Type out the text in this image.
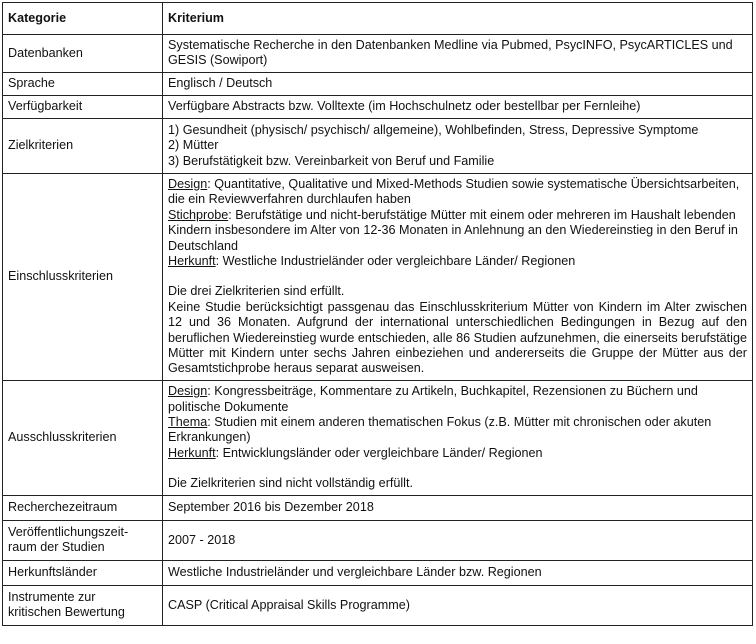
Kategorie	Kriterium
Datenbanken	Systematische Recherche in den Datenbanken Medline via Pubmed, PsycINFO, PsycARTICLES und GESIS (Sowiport)
Sprache	Englisch / Deutsch
Verfügbarkeit	Verfügbare Abstracts bzw. Volltexte (im Hochschulnetz oder bestellbar per Fernleihe)
Zielkriterien	1) Gesundheit (physisch/ psychisch/ allgemeine), Wohlbefinden, Stress, Depressive Symptome
2) Mütter
3) Berufstätigkeit bzw. Vereinbarkeit von Beruf und Familie

Einschlusskriterien	Design: Quantitative, Qualitative und Mixed-Methods Studien sowie systematische Übersichtsarbeiten, die ein Reviewverfahren durchlaufen haben
Stichprobe: Berufstätige und nicht-berufstätige Mütter mit einem oder mehreren im Haushalt lebenden Kindern insbesondere im Alter von 12-36 Monaten in Anlehnung an den Wiedereinstieg in den Beruf in Deutschland
Herkunft: Westliche Industrieländer oder vergleichbare Länder/ Regionen
Die drei Zielkriterien sind erfüllt.
Keine Studie berücksichtigt passgenau das Einschlusskriterium Mütter von Kindern im Alter zwischen 12 und 36 Monaten. Aufgrund der international unterschiedlichen Bedingungen in Bezug auf den beruflichen Wiedereinstieg wurde entschieden, alle 86 Studien aufzunehmen, die einerseits berufstätige Mütter mit Kindern unter sechs Jahren einbeziehen und andererseits die Gruppe der Mütter aus der Gesamtstichprobe heraus separat ausweisen.

Ausschlusskriterien	Design: Kongressbeiträge, Kommentare zu Artikeln, Buchkapitel, Rezensionen zu Büchern und politische Dokumente
Thema: Studien mit einem anderen thematischen Fokus (z.B. Mütter mit chronischen oder akuten Erkrankungen)
Herkunft: Entwicklungsländer oder vergleichbare Länder/ Regionen
Die Zielkriterien sind nicht vollständig erfüllt.

Recherchezeitraum	September 2016 bis Dezember 2018

Veröffentlichungszeit-
raum der Studien	2007 - 2018
Herkunftsländer	Westliche Industrieländer und vergleichbare Länder bzw. Regionen

Instrumente zur
kritischen Bewertung	CASP (Critical Appraisal Skills Programme)
